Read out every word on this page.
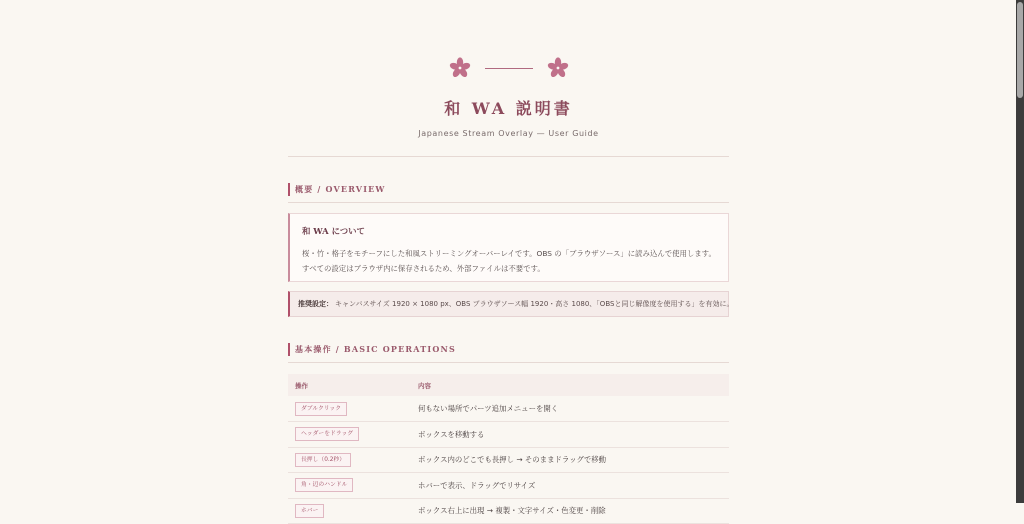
和 WA 説明書
Japanese Stream Overlay — User Guide
概要 / OVERVIEW
和 WA について
桜・竹・格子をモチーフにした和風ストリーミングオーバーレイです。OBS の「ブラウザソース」に読み込んで使用します。すべての設定はブラウザ内に保存されるため、外部ファイルは不要です。
推奨設定： キャンバスサイズ 1920 × 1080 px、OBS ブラウザソース幅 1920・高さ 1080、「OBSと同じ解像度を使用する」を有効に。
基本操作 / BASIC OPERATIONS
操作	内容
ダブルクリック	何もない場所でパーツ追加メニューを開く
ヘッダーをドラッグ	ボックスを移動する
長押し（0.2秒）	ボックス内のどこでも長押し → そのままドラッグで移動
角・辺のハンドル	ホバーで表示、ドラッグでリサイズ
ホバー	ボックス右上に出現 → 複製・文字サイズ・色変更・削除
